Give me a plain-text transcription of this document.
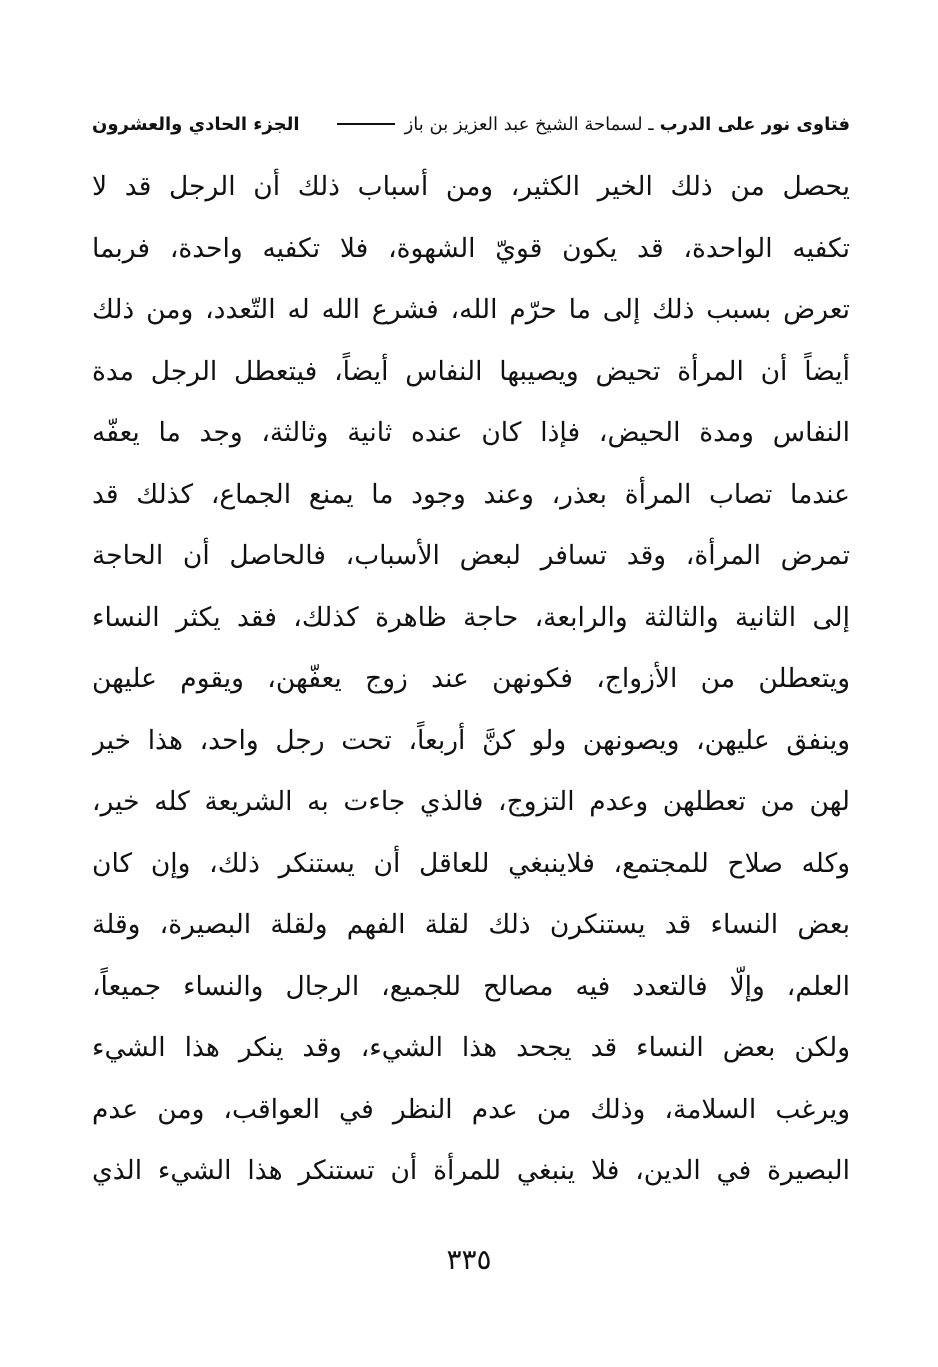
فتاوى نور على الدرب
ـ لسماحة الشيخ عبد العزيز بن باز
الجزء الحادي والعشرون
يحصل من ذلك الخير الكثير، ومن أسباب ذلك أن الرجل قد لا
تكفيه الواحدة، قد يكون قويّ الشهوة، فلا تكفيه واحدة، فربما
تعرض بسبب ذلك إلى ما حرّم الله، فشرع الله له التّعدد، ومن ذلك
أيضاً أن المرأة تحيض ويصيبها النفاس أيضاً، فيتعطل الرجل مدة
النفاس ومدة الحيض، فإذا كان عنده ثانية وثالثة، وجد ما يعفّه
عندما تصاب المرأة بعذر، وعند وجود ما يمنع الجماع، كذلك قد
تمرض المرأة، وقد تسافر لبعض الأسباب، فالحاصل أن الحاجة
إلى الثانية والثالثة والرابعة، حاجة ظاهرة كذلك، فقد يكثر النساء
ويتعطلن من الأزواج، فكونهن عند زوج يعفّهن، ويقوم عليهن
وينفق عليهن، ويصونهن ولو كنَّ أربعاً، تحت رجل واحد، هذا خير
لهن من تعطلهن وعدم التزوج، فالذي جاءت به الشريعة كله خير،
وكله صلاح للمجتمع، فلاينبغي للعاقل أن يستنكر ذلك، وإن كان
بعض النساء قد يستنكرن ذلك لقلة الفهم ولقلة البصيرة، وقلة
العلم، وإلّا فالتعدد فيه مصالح للجميع، الرجال والنساء جميعاً،
ولكن بعض النساء قد يجحد هذا الشيء، وقد ينكر هذا الشيء
ويرغب السلامة، وذلك من عدم النظر في العواقب، ومن عدم
البصيرة في الدين، فلا ينبغي للمرأة أن تستنكر هذا الشيء الذي
٣٣٥
